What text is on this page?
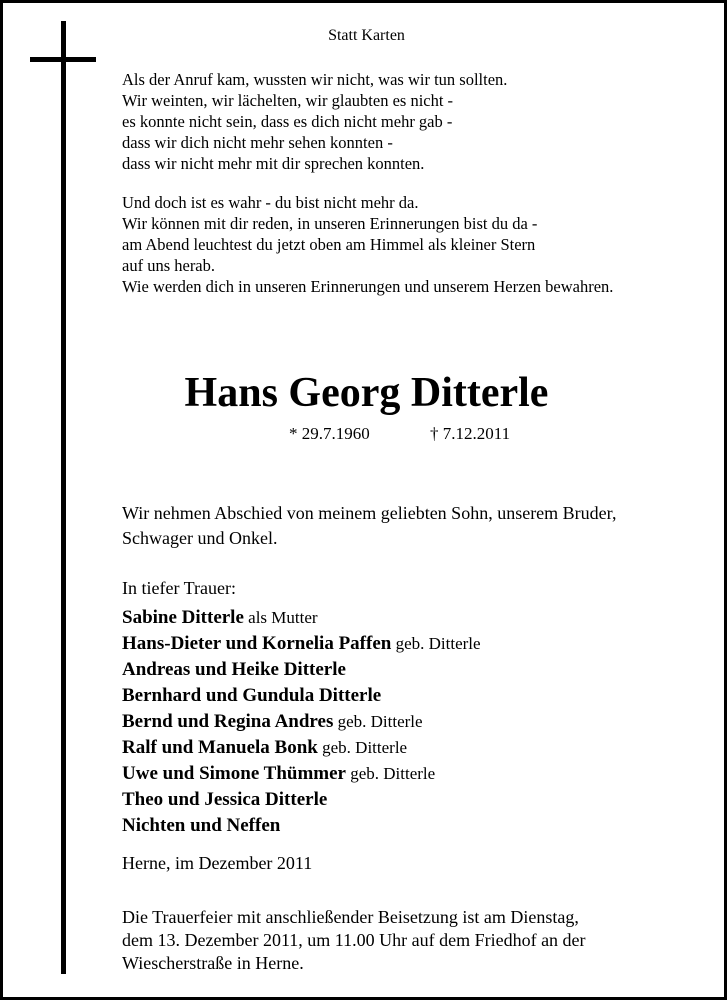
Statt Karten
Als der Anruf kam, wussten wir nicht, was wir tun sollten.
Wir weinten, wir lächelten, wir glaubten es nicht -
es konnte nicht sein, dass es dich nicht mehr gab -
dass wir dich nicht mehr sehen konnten -
dass wir nicht mehr mit dir sprechen konnten.
Und doch ist es wahr - du bist nicht mehr da.
Wir können mit dir reden, in unseren Erinnerungen bist du da -
am Abend leuchtest du jetzt oben am Himmel als kleiner Stern
auf uns herab.
Wie werden dich in unseren Erinnerungen und unserem Herzen bewahren.
Hans Georg Ditterle
* 29.7.1960	† 7.12.2011
Wir nehmen Abschied von meinem geliebten Sohn, unserem Bruder,
Schwager und Onkel.
In tiefer Trauer:
Sabine Ditterle als Mutter
Hans-Dieter und Kornelia Paffen geb. Ditterle
Andreas und Heike Ditterle
Bernhard und Gundula Ditterle
Bernd und Regina Andres geb. Ditterle
Ralf und Manuela Bonk geb. Ditterle
Uwe und Simone Thümmer geb. Ditterle
Theo und Jessica Ditterle
Nichten und Neffen
Herne, im Dezember 2011
Die Trauerfeier mit anschließender Beisetzung ist am Dienstag,
dem 13. Dezember 2011, um 11.00 Uhr auf dem Friedhof an der
Wiescherstraße in Herne.
